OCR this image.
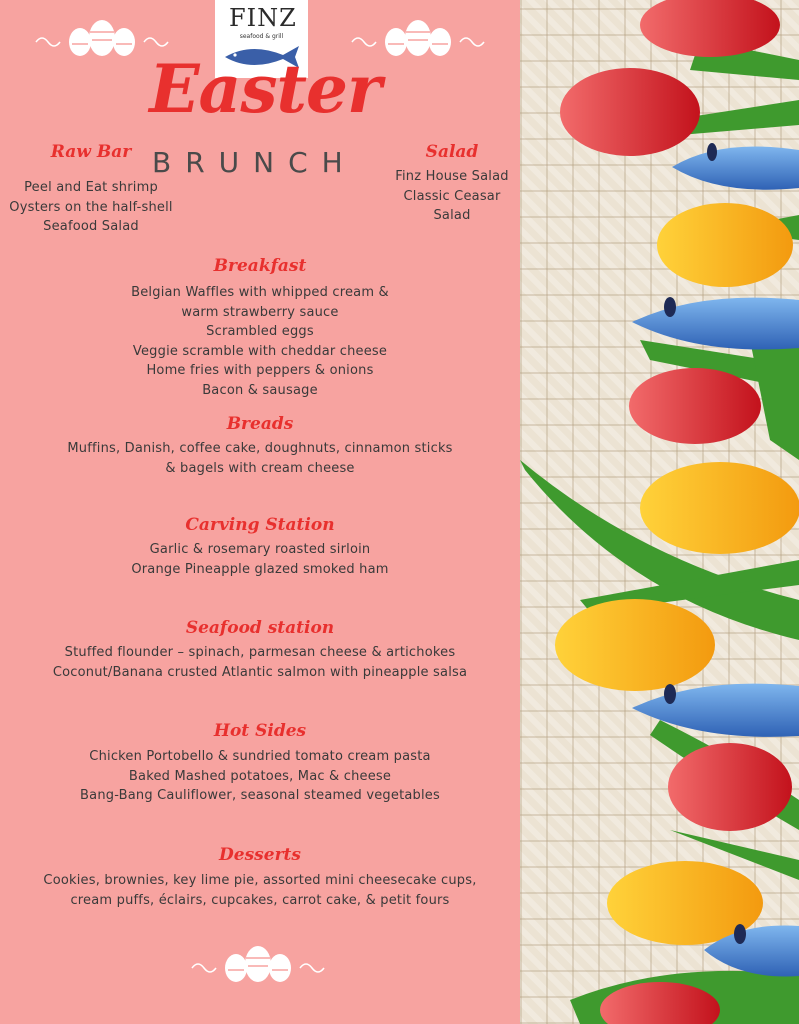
FINZ
seafood & grill
Easter
BRUNCH
Raw Bar
Peel and Eat shrimp
Oysters on the half-shell
Seafood Salad
Salad
Finz House Salad
Classic Ceasar
Salad
Breakfast
Belgian Waffles with whipped cream &
warm strawberry sauce
Scrambled eggs
Veggie scramble with cheddar cheese
Home fries with peppers & onions
Bacon & sausage
Breads
Muffins, Danish, coffee cake, doughnuts, cinnamon sticks
& bagels with cream cheese
Carving Station
Garlic & rosemary roasted sirloin
Orange Pineapple glazed smoked ham
Seafood station
Stuffed flounder – spinach, parmesan cheese & artichokes
Coconut/Banana crusted Atlantic salmon with pineapple salsa
Hot Sides
Chicken Portobello & sundried tomato cream pasta
Baked Mashed potatoes, Mac & cheese
Bang-Bang Cauliflower, seasonal steamed vegetables
Desserts
Cookies, brownies, key lime pie, assorted mini cheesecake cups,
cream puffs, éclairs, cupcakes, carrot cake, & petit fours
